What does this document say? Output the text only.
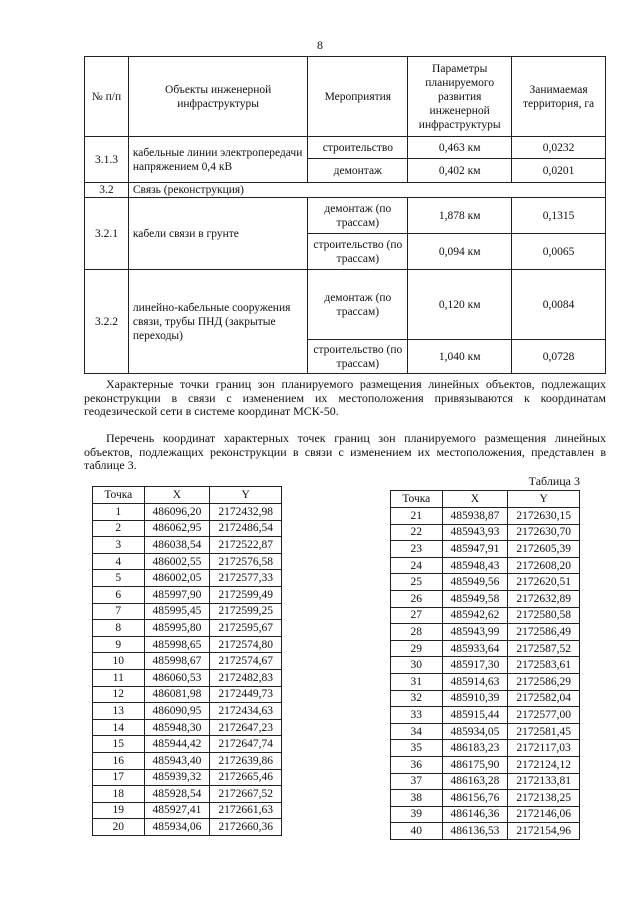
8
№ п/п	Объекты инженерной инфраструктуры	Мероприятия	Параметры планируемого развития инженерной инфраструктуры	Занимаемая территория, га
3.1.3	кабельные линии электропередачи напряжением 0,4 кВ	строительство	0,463 км	0,0232
		демонтаж	0,402 км	0,0201
3.2	Связь (реконструкция)			
3.2.1	кабели связи в грунте	демонтаж (по трассам)	1,878 км	0,1315
		строительство (по трассам)	0,094 км	0,0065
3.2.2	линейно-кабельные сооружения связи, трубы ПНД (закрытые переходы)	демонтаж (по трассам)	0,120 км	0,0084
		строительство (по трассам)	1,040 км	0,0728

Характерные точки границ зон планируемого размещения линейных объектов, подлежащих реконструкции в связи с изменением их местоположения привязываются к координатам геодезической сети в системе координат МСК-50.

Перечень координат характерных точек границ зон планируемого размещения линейных объектов, подлежащих реконструкции в связи с изменением их местоположения, представлен в таблице 3.

Таблица 3
Точка	X	Y
1	486096,20	2172432,98
2	486062,95	2172486,54
3	486038,54	2172522,87
4	486002,55	2172576,58
5	486002,05	2172577,33
6	485997,90	2172599,49
7	485995,45	2172599,25
8	485995,80	2172595,67
9	485998,65	2172574,80
10	485998,67	2172574,67
11	486060,53	2172482,83
12	486081,98	2172449,73
13	486090,95	2172434,63
14	485948,30	2172647,23
15	485944,42	2172647,74
16	485943,40	2172639,86
17	485939,32	2172665,46
18	485928,54	2172667,52
19	485927,41	2172661,63
20	485934,06	2172660,36
Точка	X	Y
21	485938,87	2172630,15
22	485943,93	2172630,70
23	485947,91	2172605,39
24	485948,43	2172608,20
25	485949,56	2172620,51
26	485949,58	2172632,89
27	485942,62	2172580,58
28	485943,99	2172586,49
29	485933,64	2172587,52
30	485917,30	2172583,61
31	485914,63	2172586,29
32	485910,39	2172582,04
33	485915,44	2172577,00
34	485934,05	2172581,45
35	486183,23	2172117,03
36	486175,90	2172124,12
37	486163,28	2172133,81
38	486156,76	2172138,25
39	486146,36	2172146,06
40	486136,53	2172154,96
